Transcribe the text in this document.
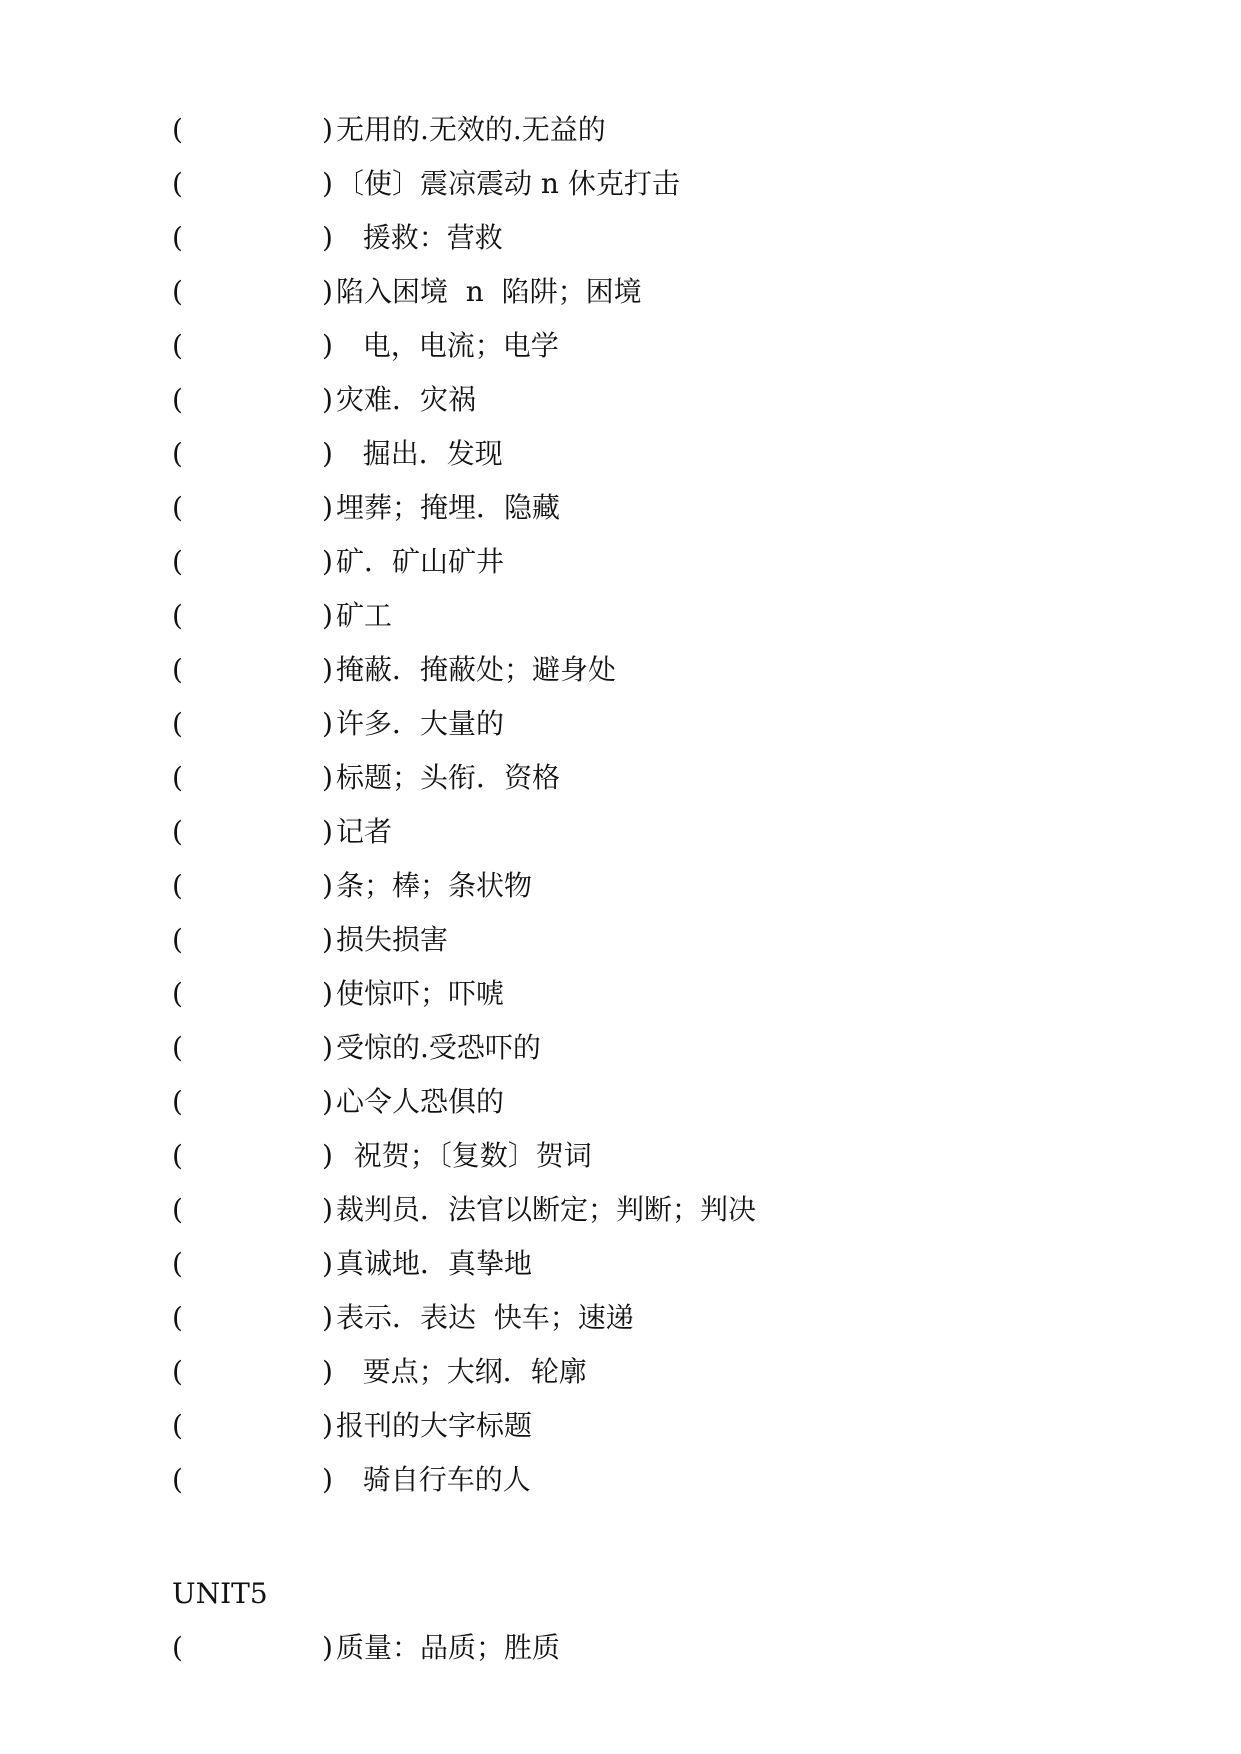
(	) 无用的.无效的.无益的
(	) 〔使〕震凉震动 n 休克打击
(	) 援救：营救
(	) 陷入困境  n  陷阱；困境
(	) 电，电流；电学
(	) 灾难．灾祸
(	) 掘出．发现
(	) 埋葬；掩埋．隐藏
(	) 矿．矿山矿井
(	) 矿工
(	) 掩蔽．掩蔽处；避身处
(	) 许多．大量的
(	) 标题；头衔．资格
(	) 记者
(	) 条；棒；条状物
(	) 损失损害
(	) 使惊吓；吓唬
(	) 受惊的.受恐吓的
(	) 心令人恐俱的
(	) 祝贺；〔复数〕贺词
(	) 裁判员．法官以断定；判断；判决
(	) 真诚地．真挚地
(	) 表示．表达  快车；速递
(	) 要点；大纲．轮廓
(	) 报刊的大字标题
(	) 骑自行车的人
UNIT5
(	) 质量：品质；胜质
